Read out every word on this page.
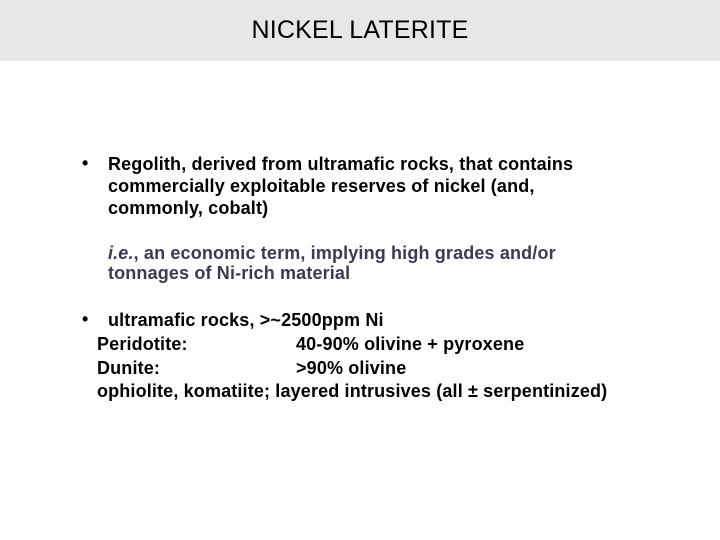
NICKEL LATERITE
• Regolith, derived from ultramafic rocks, that contains
commercially exploitable reserves of nickel (and,
commonly, cobalt)
i.e., an economic term, implying high grades and/or
tonnages of Ni-rich material
• ultramafic rocks, >~2500ppm Ni
Peridotite:	40-90% olivine + pyroxene
Dunite:	>90% olivine
ophiolite, komatiite; layered intrusives (all ± serpentinized)
